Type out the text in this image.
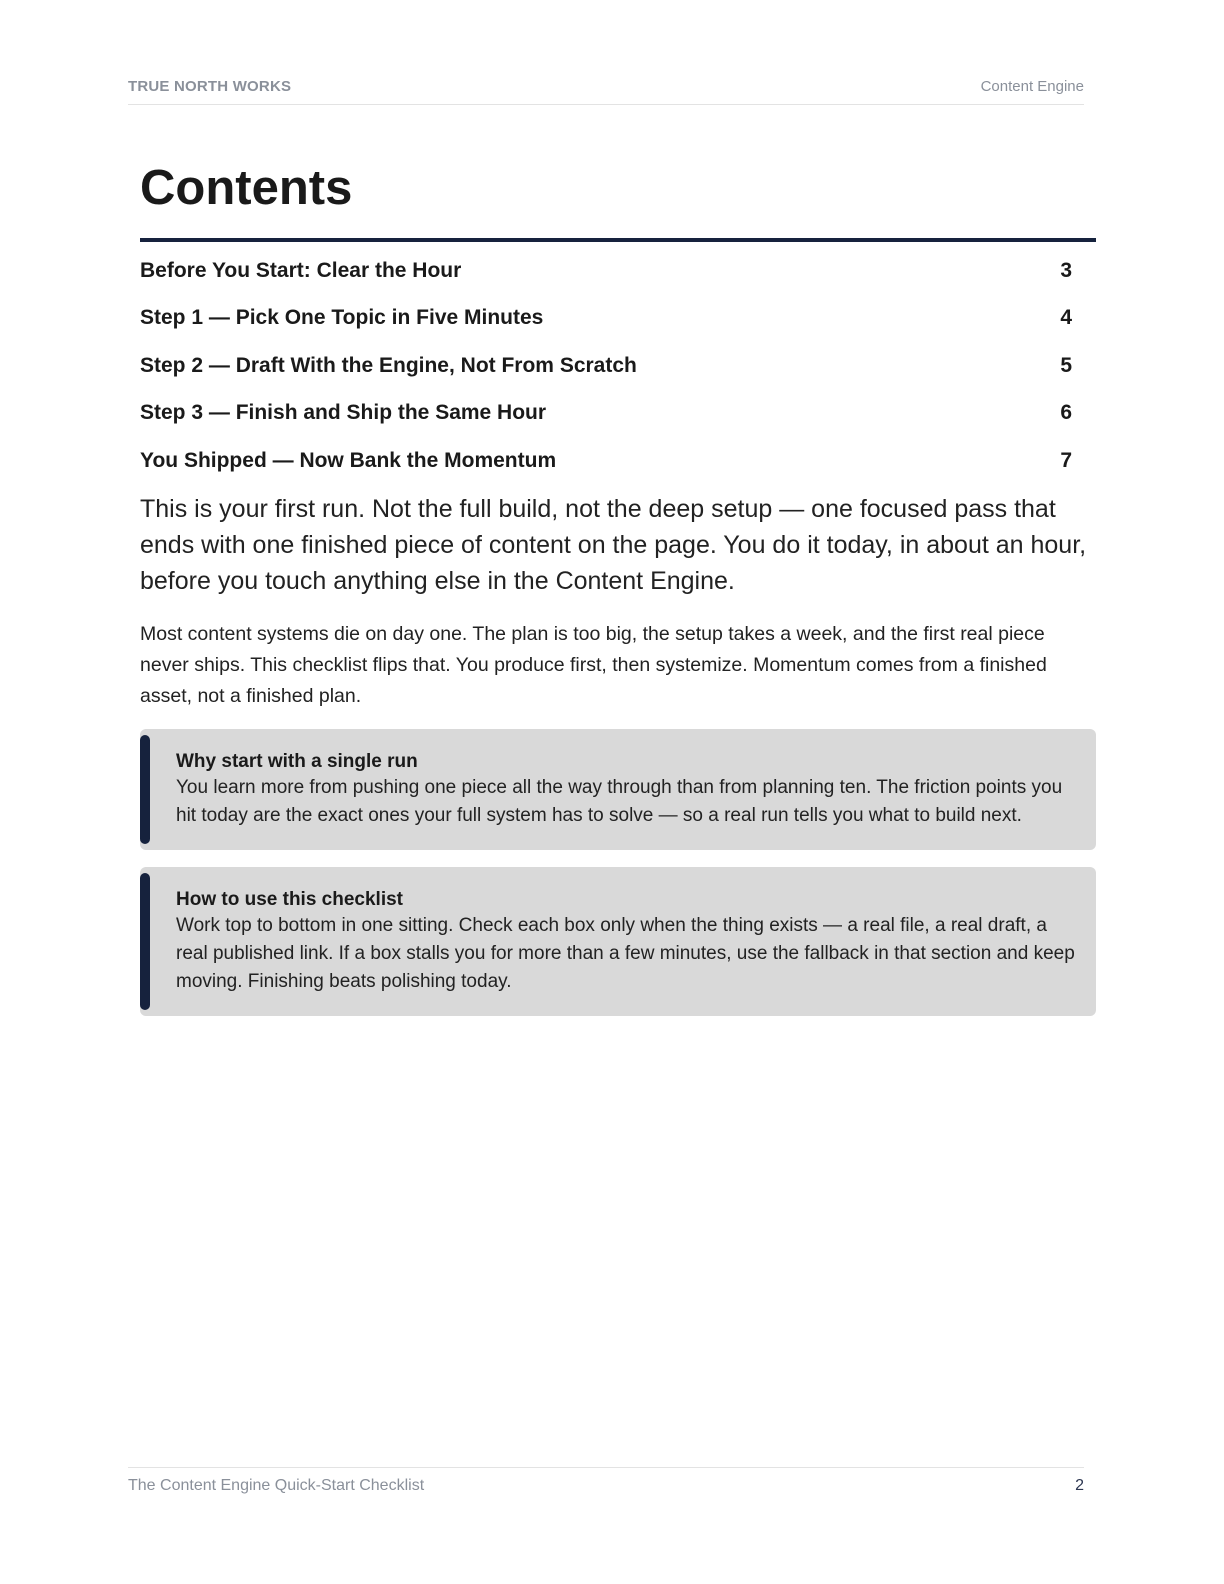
TRUE NORTH WORKS	Content Engine
Contents
Before You Start: Clear the Hour	3
Step 1 — Pick One Topic in Five Minutes	4
Step 2 — Draft With the Engine, Not From Scratch	5
Step 3 — Finish and Ship the Same Hour	6
You Shipped — Now Bank the Momentum	7

This is your first run. Not the full build, not the deep setup — one focused pass that ends with one finished piece of content on the page. You do it today, in about an hour, before you touch anything else in the Content Engine.

Most content systems die on day one. The plan is too big, the setup takes a week, and the first real piece never ships. This checklist flips that. You produce first, then systemize. Momentum comes from a finished asset, not a finished plan.

Why start with a single run
You learn more from pushing one piece all the way through than from planning ten. The friction points you hit today are the exact ones your full system has to solve — so a real run tells you what to build next.
How to use this checklist
Work top to bottom in one sitting. Check each box only when the thing exists — a real file, a real draft, a real published link. If a box stalls you for more than a few minutes, use the fallback in that section and keep moving. Finishing beats polishing today.
The Content Engine Quick-Start Checklist	2
